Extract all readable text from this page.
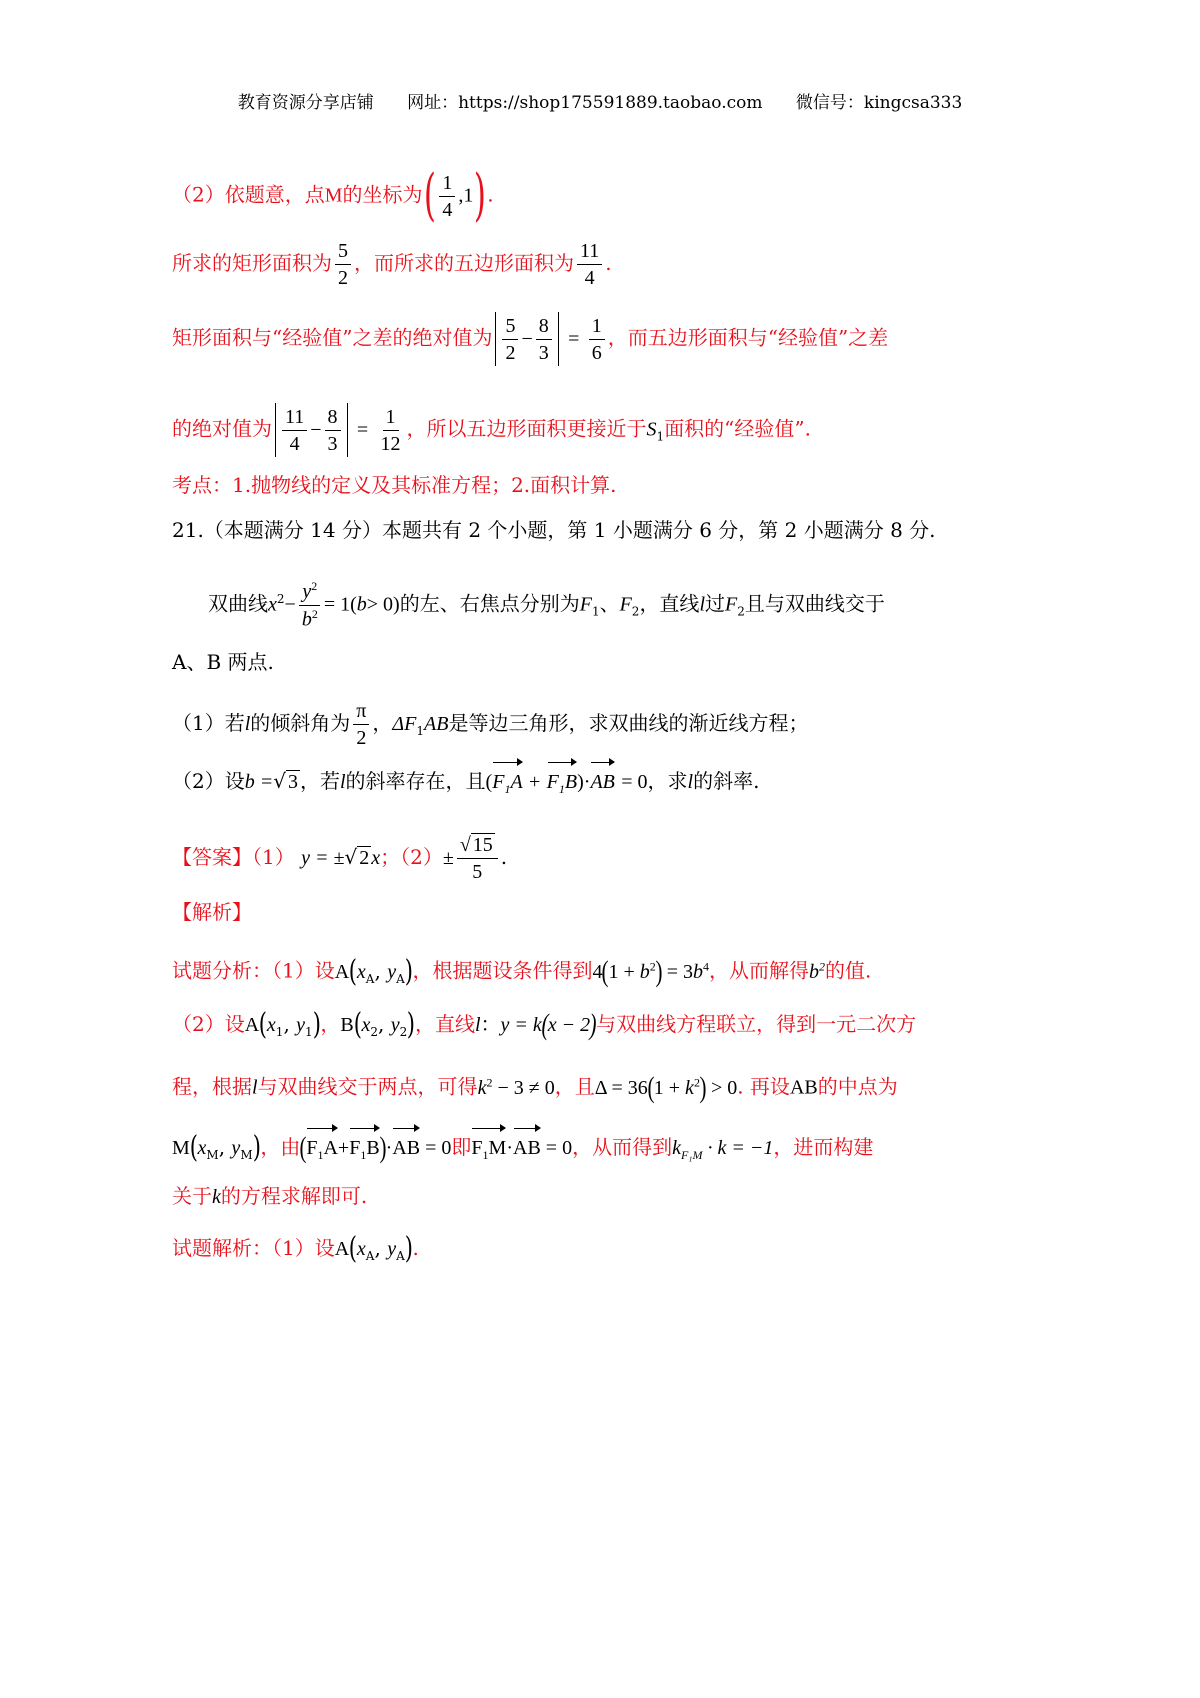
教育资源分享店铺 网址：https://shop175591889.taobao.com 微信号：kingcsa333
（2）依题意，点M的坐标为( $\frac{1}{4} ,1$).
所求的矩形面积为 $\frac{5}{2}$ ，而所求的五边形面积为 $\frac{11}{4}$ .
矩形面积与“经验值”之差的绝对值为 $\frac{5}{2} - \frac{8}{3} = \frac{1}{6}$ ，而五边形面积与“经验值”之差
的绝对值为 $\frac{11}{4} - \frac{8}{3} = \frac{1}{12}$ ，所以五边形面积更接近于$S_1$面积的“经验值”.
考点：1.抛物线的定义及其标准方程；2.面积计算.
21.（本题满分 14 分）本题共有 2 个小题，第 1 小题满分 6 分，第 2 小题满分 8 分.
双曲线$x^2- \frac{y^2}{b^2} = 1(b> 0)$的左、右焦点分别为$F_1$、$F_2$，直线l过$F_2$且与双曲线交于
A、B 两点.
（1）若l的倾斜角为 $\frac{\pi}{2}$ ，$\Delta F_1AB$是等边三角形，求双曲线的渐近线方程；
（2）设b =√ 3 ，若l的斜率存在，且$(F_1A + F_1B)\cdot AB = 0$，求l的斜率.
【答案】（1） y = ±√ 2 x；$(2)\pm \frac{√ 15}{5}$ .
【解析】
试题分析：（1）设$A(x_A$, $y_A$)，根据题设条件得到$4(1 + b^2) = 3b^4$，从而解得$b^2$的值.
（2）设$A(x_1$, $y_1$)，$B(x_2$, $y_2$)，直线l：y = k(x − 2)与双曲线方程联立，得到一元二次方
程，根据l与双曲线交于两点，可得$k^2 - 3 \ne 0$，且$\Delta = 36(1 + k^2) > 0$. 再设AB的中点为
$M(x_M$, $y_M$)，由$(F_1A+F_1B)\cdot AB = 0$即$F_1M\cdot AB = 0$，从而得到$k_{F_1M} \cdot k = -1$，进而构建
关于k的方程求解即可.
试题解析：（1）设$A(x_A$, $y_A$).
